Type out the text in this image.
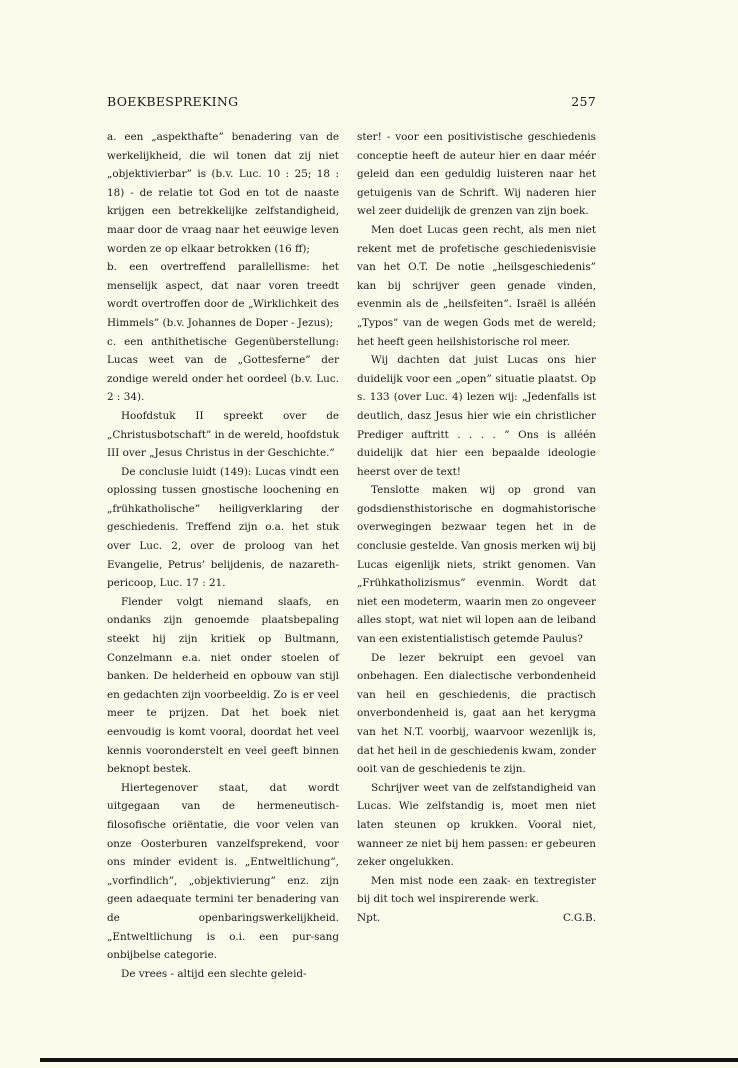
BOEKBESPREKING	257

a. een „aspekthafte” benadering van de werkelijkheid, die wil tonen dat zij niet „objektivierbar” is (b.v. Luc. 10 : 25; 18 : 18) - de relatie tot God en tot de naaste krijgen een betrekkelijke zelfstandigheid, maar door de vraag naar het eeuwige leven worden ze op elkaar betrokken (16 ff);

b. een overtreffend parallellisme: het menselijk aspect, dat naar voren treedt wordt overtroffen door de „Wirklichkeit des Himmels” (b.v. Johannes de Doper - Jezus);

c. een anthithetische Gegenüberstellung: Lucas weet van de „Gottesferne” der zondige wereld onder het oordeel (b.v. Luc. 2 : 34).

Hoofdstuk II spreekt over de „Christusbotschaft” in de wereld, hoofdstuk III over „Jesus Christus in der Geschichte.”

De conclusie luidt (149): Lucas vindt een oplossing tussen gnostische loochening en „frühkatholische” heiligverklaring der geschiedenis. Treffend zijn o.a. het stuk over Luc. 2, over de proloog van het Evangelie, Petrus’ belijdenis, de nazareth-pericoop, Luc. 17 : 21.

Flender volgt niemand slaafs, en ondanks zijn genoemde plaatsbepaling steekt hij zijn kritiek op Bultmann, Conzelmann e.a. niet onder stoelen of banken. De helderheid en opbouw van stijl en gedachten zijn voorbeeldig. Zo is er veel meer te prijzen. Dat het boek niet eenvoudig is komt vooral, doordat het veel kennis vooronderstelt en veel geeft binnen beknopt bestek.

Hiertegenover staat, dat wordt uitgegaan van de hermeneutisch-filosofische oriëntatie, die voor velen van onze Oosterburen vanzelfsprekend, voor ons minder evident is. „Entweltlichung”, „vorfindlich”, „objektivierung” enz. zijn geen adaequate termini ter benadering van de openbaringswerkelijkheid. „Entweltlichung is o.i. een pur-sang onbijbelse categorie.

De vrees - altijd een slechte geleid-

ster! - voor een positivistische geschiedenis conceptie heeft de auteur hier en daar méér geleid dan een geduldig luisteren naar het getuigenis van de Schrift. Wij naderen hier wel zeer duidelijk de grenzen van zijn boek.

Men doet Lucas geen recht, als men niet rekent met de profetische geschiedenisvisie van het O.T. De notie „heilsgeschiedenis” kan bij schrijver geen genade vinden, evenmin als de „heilsfeiten”. Israël is alléén „Typos” van de wegen Gods met de wereld; het heeft geen heilshistorische rol meer.

Wij dachten dat juist Lucas ons hier duidelijk voor een „open” situatie plaatst. Op s. 133 (over Luc. 4) lezen wij: „Jedenfalls ist deutlich, dasz Jesus hier wie ein christlicher Prediger auftritt . . . . ” Ons is alléén duidelijk dat hier een bepaalde ideologie heerst over de text!

Tenslotte maken wij op grond van godsdiensthistorische en dogmahistorische overwegingen bezwaar tegen het in de conclusie gestelde. Van gnosis merken wij bij Lucas eigenlijk niets, strikt genomen. Van „Frühkatholizismus” evenmin. Wordt dat niet een modeterm, waarin men zo ongeveer alles stopt, wat niet wil lopen aan de leiband van een existentialistisch getemde Paulus?

De lezer bekruipt een gevoel van onbehagen. Een dialectische verbondenheid van heil en geschiedenis, die practisch onverbondenheid is, gaat aan het kerygma van het N.T. voorbij, waarvoor wezenlijk is, dat het heil in de geschiedenis kwam, zonder ooit van de geschiedenis te zijn.

Schrijver weet van de zelfstandigheid van Lucas. Wie zelfstandig is, moet men niet laten steunen op krukken. Vooral niet, wanneer ze niet bij hem passen: er gebeuren zeker ongelukken.

Men mist node een zaak- en textregister bij dit toch wel inspirerende werk.

Npt.	C.G.B.
